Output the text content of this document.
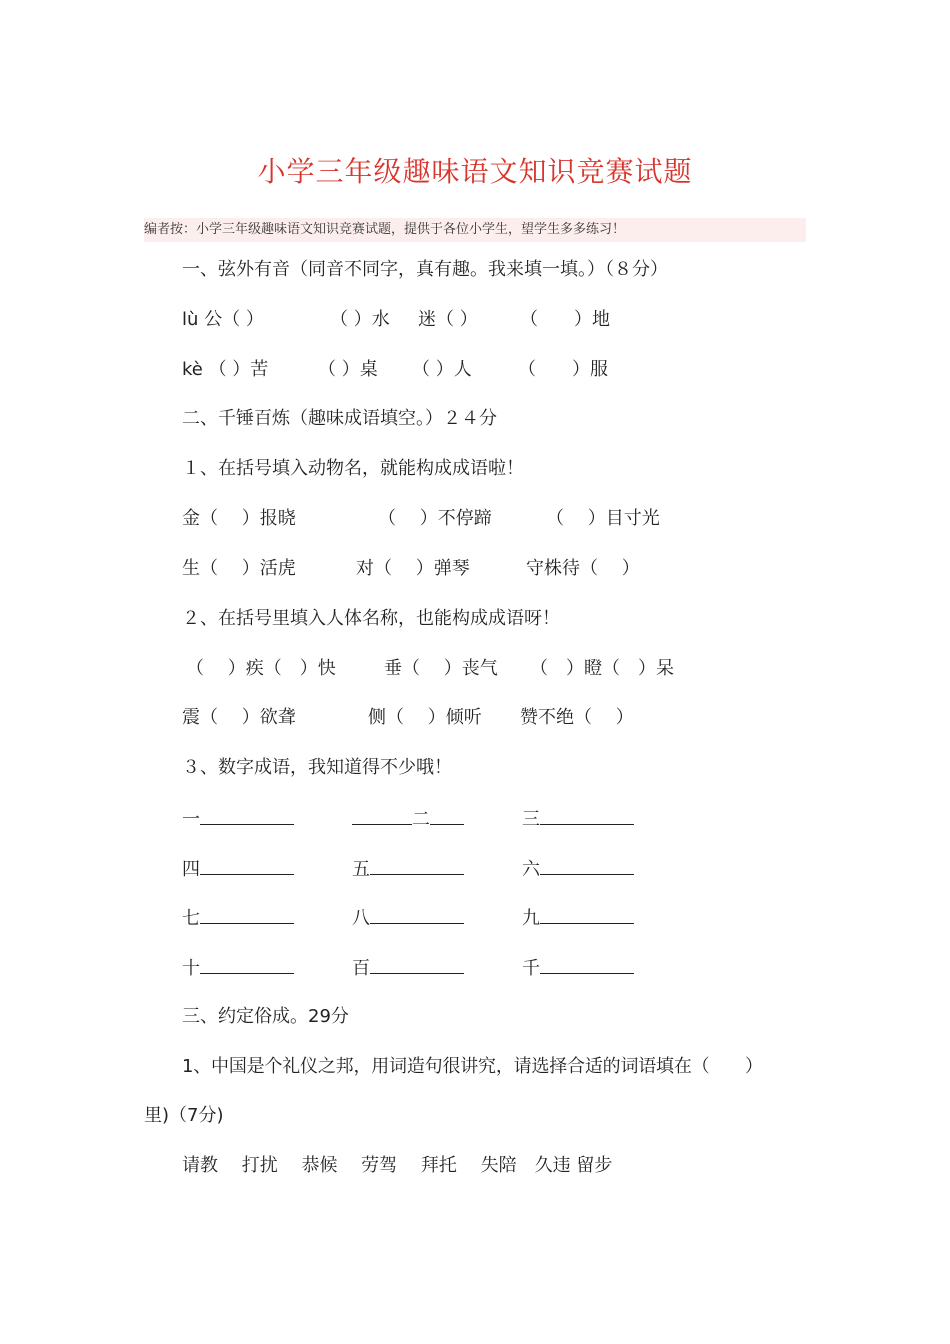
小学三年级趣味语文知识竞赛试题
编者按：小学三年级趣味语文知识竞赛试题，提供于各位小学生，望学生多多练习！
一、弦外有音（同音不同字，真有趣。我来填一填。）（８分）
lù 公（ ）	（ ）水 迷（ ） （　　）地
kè （ ）苦	（ ）桌 （ ）人	（　　）服
二、千锤百炼（趣味成语填空。）２４分
１、在括号填入动物名，就能构成成语啦！
金（　 ）报晓	（　 ）不停蹄	（　 ）目寸光
生（　 ）活虎	对（　 ）弹琴	守株待（　 ）
２、在括号里填入人体名称，也能构成成语呀！
（　 ）疾（　）快	垂（　 ）丧气 （　）瞪（　）呆
震（　 ）欲聋	侧（　 ）倾听 赞不绝（　 ）
３、数字成语，我知道得不少哦！
一	二	三
四	五	六
七	八	九
十	百	千
三、约定俗成。29分
1、中国是个礼仪之邦，用词造句很讲究，请选择合适的词语填在（　　）
里)（7分)
请教　 打扰　 恭候　 劳驾　 拜托　 失陪　久违 留步
